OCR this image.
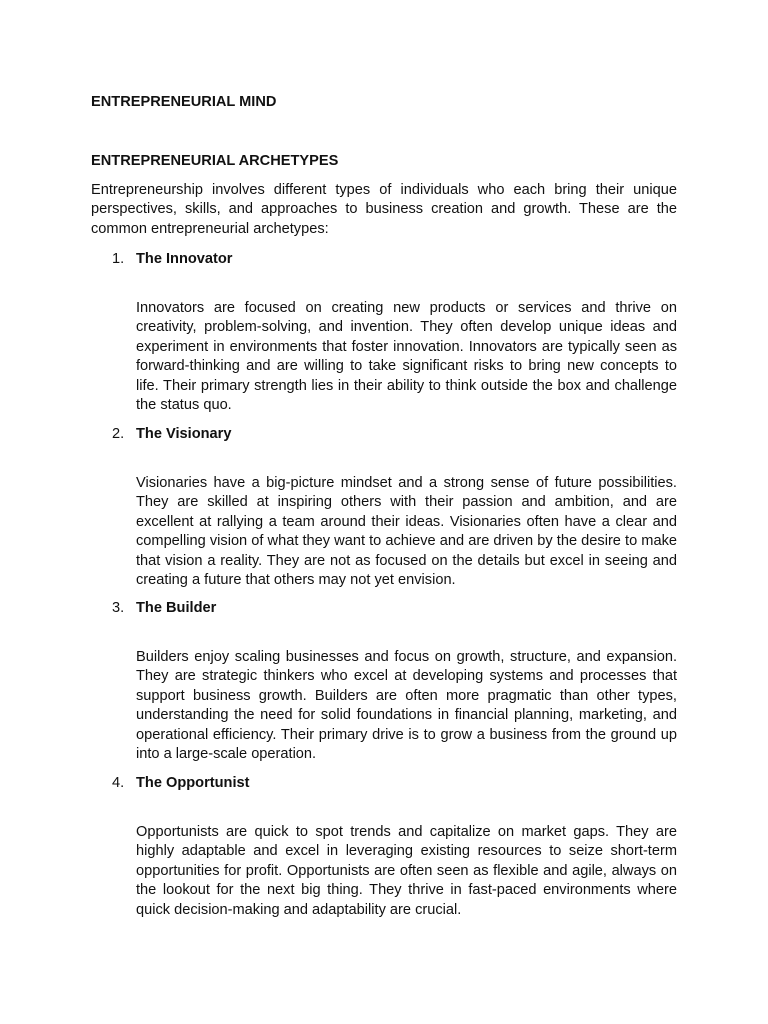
ENTREPRENEURIAL MIND
ENTREPRENEURIAL ARCHETYPES

Entrepreneurship involves different types of individuals who each bring their unique perspectives, skills, and approaches to business creation and growth. These are the common entrepreneurial archetypes:

1. The Innovator

Innovators are focused on creating new products or services and thrive on creativity, problem-solving, and invention. They often develop unique ideas and experiment in environments that foster innovation. Innovators are typically seen as forward-thinking and are willing to take significant risks to bring new concepts to life. Their primary strength lies in their ability to think outside the box and challenge the status quo.

2. The Visionary

Visionaries have a big-picture mindset and a strong sense of future possibilities. They are skilled at inspiring others with their passion and ambition, and are excellent at rallying a team around their ideas. Visionaries often have a clear and compelling vision of what they want to achieve and are driven by the desire to make that vision a reality. They are not as focused on the details but excel in seeing and creating a future that others may not yet envision.

3. The Builder

Builders enjoy scaling businesses and focus on growth, structure, and expansion. They are strategic thinkers who excel at developing systems and processes that support business growth. Builders are often more pragmatic than other types, understanding the need for solid foundations in financial planning, marketing, and operational efficiency. Their primary drive is to grow a business from the ground up into a large-scale operation.

4. The Opportunist

Opportunists are quick to spot trends and capitalize on market gaps. They are highly adaptable and excel in leveraging existing resources to seize short-term opportunities for profit. Opportunists are often seen as flexible and agile, always on the lookout for the next big thing. They thrive in fast-paced environments where quick decision-making and adaptability are crucial.
